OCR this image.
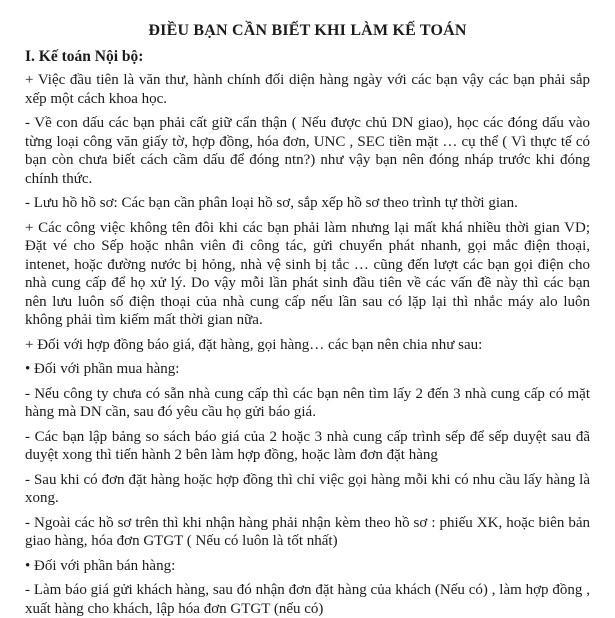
ĐIỀU BẠN CẦN BIẾT KHI LÀM KẾ TOÁN
I. Kế toán Nội bộ:

+ Việc đầu tiên là văn thư, hành chính đối diện hàng ngày với các bạn vậy các bạn phải sắp xếp một cách khoa học.

- Về con dấu các bạn phải cất giữ cẩn thận ( Nếu được chủ DN giao), học các đóng dấu vào từng loại công văn giấy tờ, hợp đồng, hóa đơn, UNC , SEC tiền mặt … cụ thể ( Vì thực tế có bạn còn chưa biết cách cầm dấu để đóng ntn?) như vậy bạn nên đóng nháp trước khi đóng chính thức.

- Lưu hồ hồ sơ: Các bạn cần phân loại hồ sơ, sắp xếp hồ sơ theo trình tự thời gian.

+ Các công việc không tên đôi khi các bạn phải làm nhưng lại mất khá nhiều thời gian VD; Đặt vé cho Sếp hoặc nhân viên đi công tác, gửi chuyển phát nhanh, gọi mắc điện thoại, intenet, hoặc đường nước bị hỏng, nhà vệ sinh bị tắc … cũng đến lượt các bạn gọi điện cho nhà cung cấp để họ xử lý. Do vậy mỗi lần phát sinh đầu tiên về các vấn đề này thì các bạn nên lưu luôn số điện thoại của nhà cung cấp nếu lần sau có lặp lại thì nhắc máy alo luôn không phải tìm kiếm mất thời gian nữa.

+ Đối với hợp đồng báo giá, đặt hàng, gọi hàng… các bạn nên chia như sau:

• Đối với phần mua hàng:

- Nếu công ty chưa có sẵn nhà cung cấp thì các bạn nên tìm lấy 2 đến 3 nhà cung cấp có mặt hàng mà DN cần, sau đó yêu cầu họ gửi báo giá.

- Các bạn lập bảng so sách báo giá của 2 hoặc 3 nhà cung cấp trình sếp để sếp duyệt sau đã duyệt xong thì tiến hành 2 bên làm hợp đồng, hoặc làm đơn đặt hàng

- Sau khi có đơn đặt hàng hoặc hợp đồng thì chỉ việc gọi hàng mỗi khi có nhu cầu lấy hàng là xong.

- Ngoài các hồ sơ trên thì khi nhận hàng phải nhận kèm theo hồ sơ : phiếu XK, hoặc biên bản giao hàng, hóa đơn GTGT ( Nếu có luôn là tốt nhất)

• Đối với phần bán hàng:

- Làm báo giá gửi khách hàng, sau đó nhận đơn đặt hàng của khách (Nếu có) , làm hợp đồng , xuất hàng cho khách, lập hóa đơn GTGT (nếu có)
